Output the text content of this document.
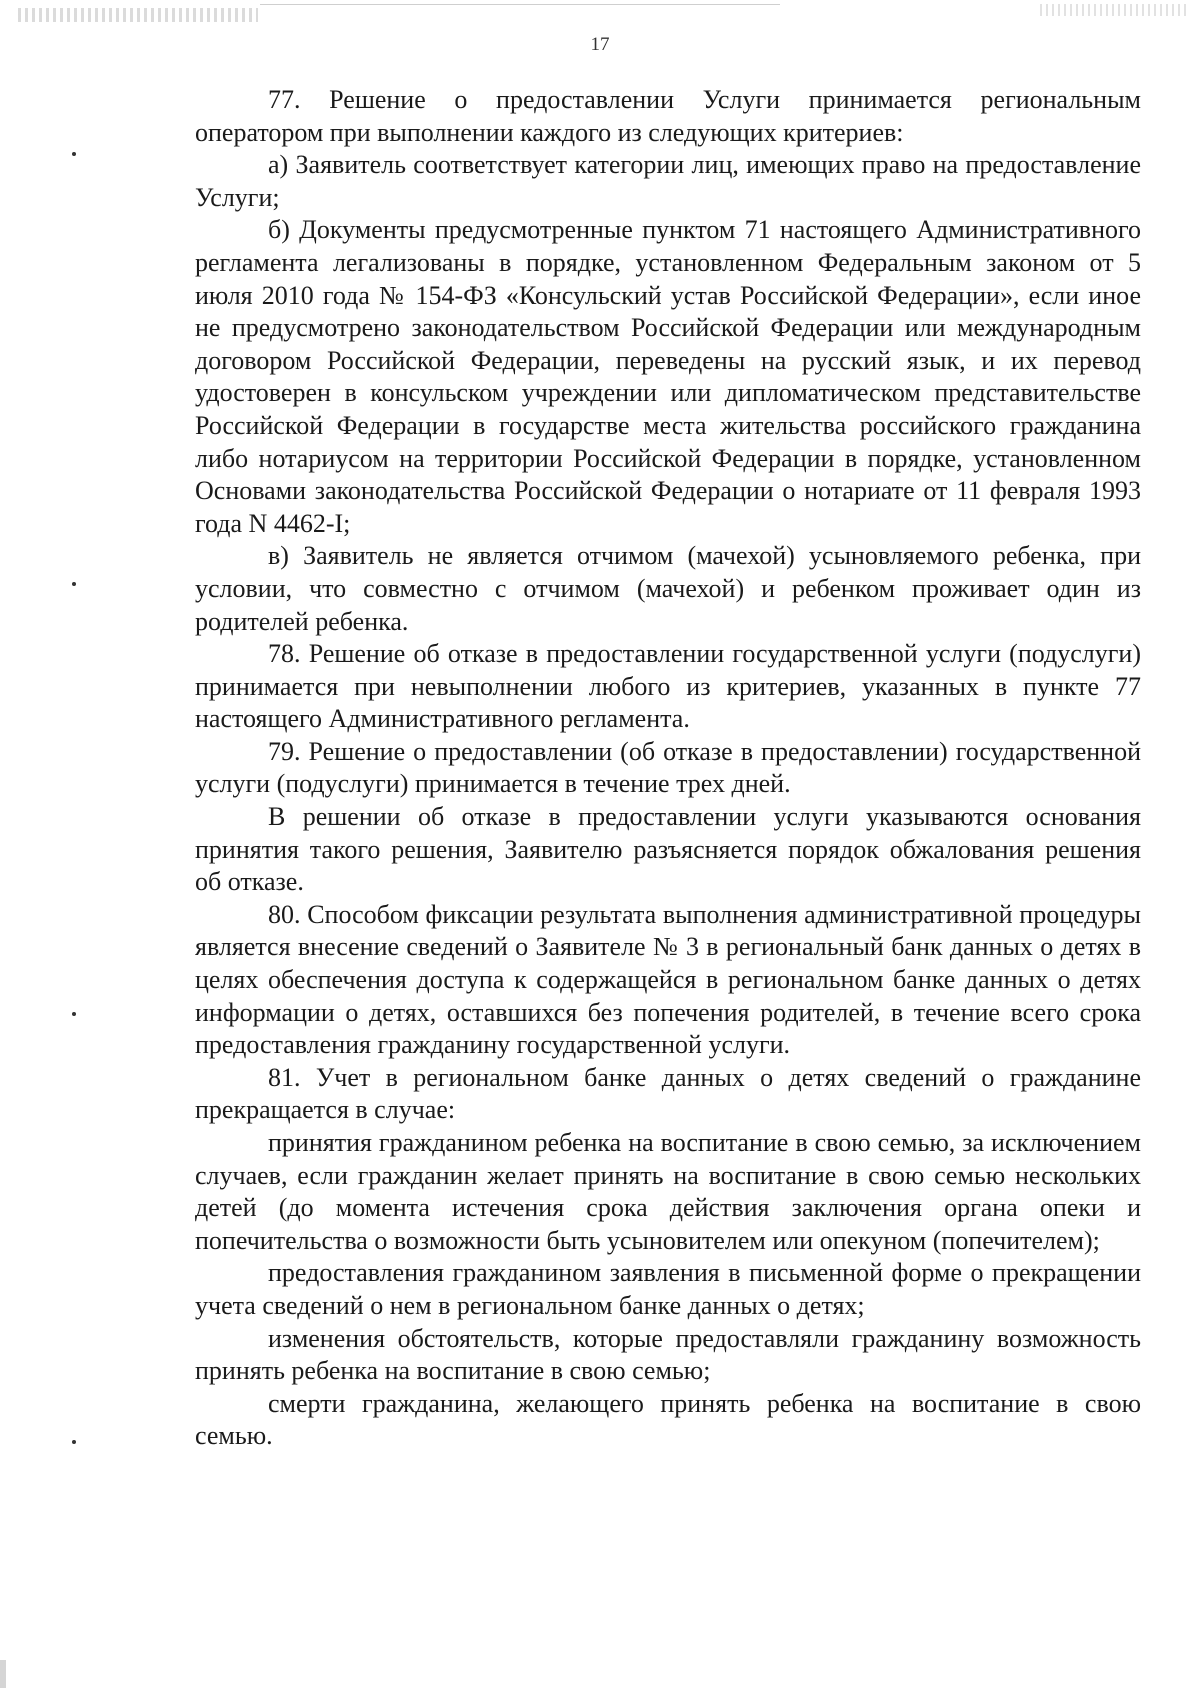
17

77. Решение о предоставлении Услуги принимается региональным оператором при выполнении каждого из следующих критериев:

а) Заявитель соответствует категории лиц, имеющих право на предоставление Услуги;

б) Документы предусмотренные пунктом 71 настоящего Административного регламента легализованы в порядке, установленном Федеральным законом от 5 июля 2010 года № 154-ФЗ «Консульский устав Российской Федерации», если иное не предусмотрено законодательством Российской Федерации или международным договором Российской Федерации, переведены на русский язык, и их перевод удостоверен в консульском учреждении или дипломатическом представительстве Российской Федерации в государстве места жительства российского гражданина либо нотариусом на территории Российской Федерации в порядке, установленном Основами законодательства Российской Федерации о нотариате от 11 февраля 1993 года N 4462-I;

в) Заявитель не является отчимом (мачехой) усыновляемого ребенка, при условии, что совместно с отчимом (мачехой) и ребенком проживает один из родителей ребенка.

78. Решение об отказе в предоставлении государственной услуги (подуслуги) принимается при невыполнении любого из критериев, указанных в пункте 77 настоящего Административного регламента.

79. Решение о предоставлении (об отказе в предоставлении) государственной услуги (подуслуги) принимается в течение трех дней.

В решении об отказе в предоставлении услуги указываются основания принятия такого решения, Заявителю разъясняется порядок обжалования решения об отказе.

80. Способом фиксации результата выполнения административной процедуры является внесение сведений о Заявителе № 3 в региональный банк данных о детях в целях обеспечения доступа к содержащейся в региональном банке данных о детях информации о детях, оставшихся без попечения родителей, в течение всего срока предоставления гражданину государственной услуги.

81. Учет в региональном банке данных о детях сведений о гражданине прекращается в случае:

принятия гражданином ребенка на воспитание в свою семью, за исключением случаев, если гражданин желает принять на воспитание в свою семью нескольких детей (до момента истечения срока действия заключения органа опеки и попечительства о возможности быть усыновителем или опекуном (попечителем);

предоставления гражданином заявления в письменной форме о прекращении учета сведений о нем в региональном банке данных о детях;

изменения обстоятельств, которые предоставляли гражданину возможность принять ребенка на воспитание в свою семью;

смерти гражданина, желающего принять ребенка на воспитание в свою семью.
